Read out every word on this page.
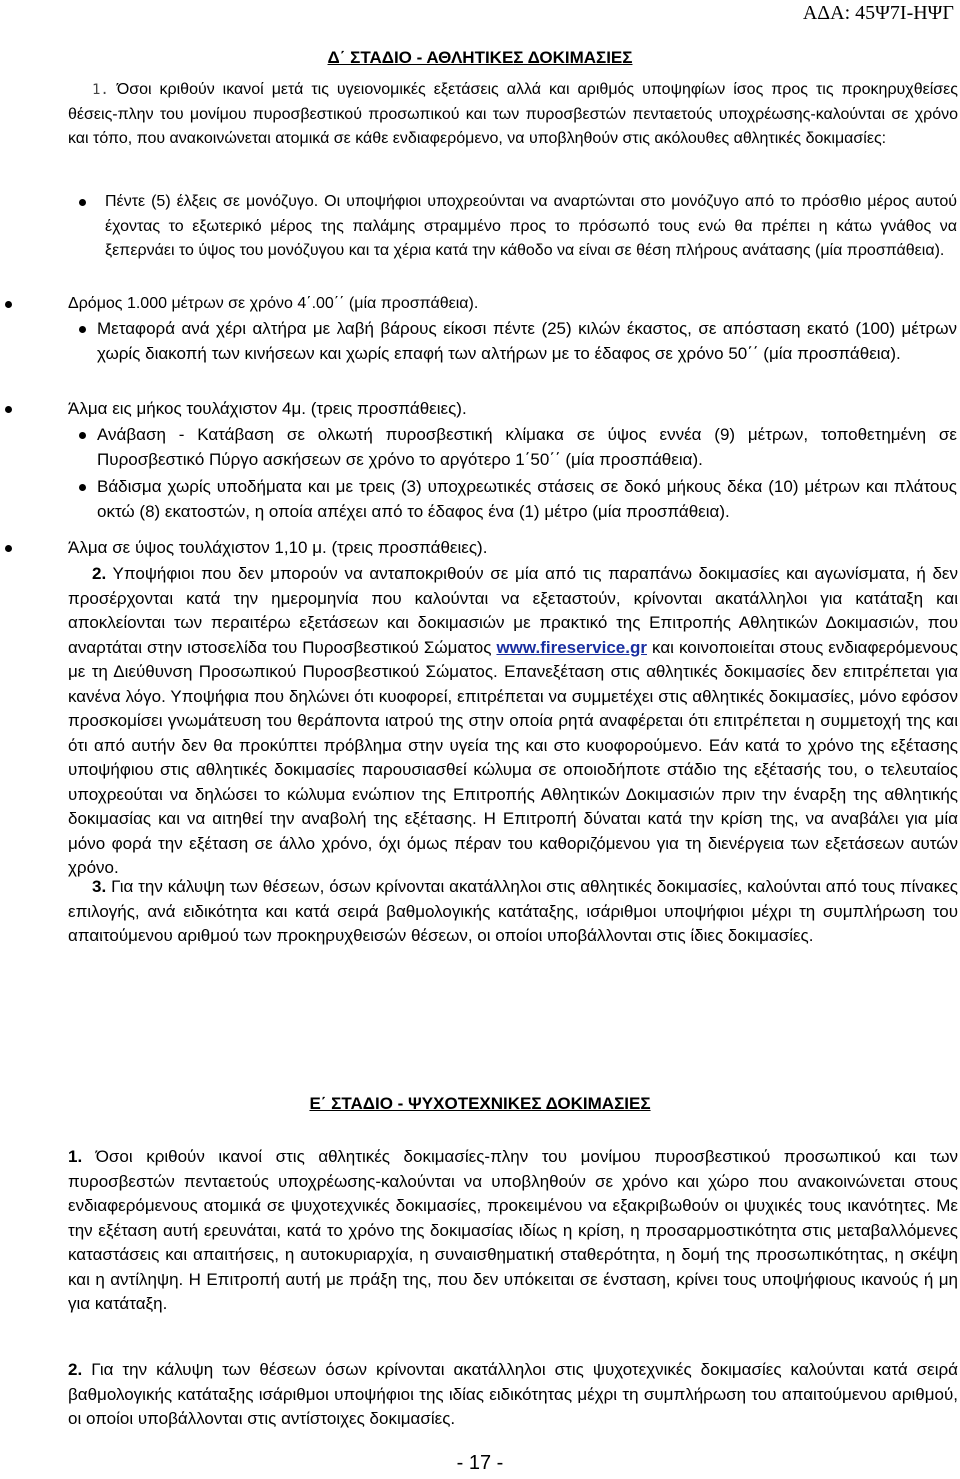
ΑΔΑ: 45Ψ7Ι-ΗΨΓ
Δ΄ ΣΤΑΔΙΟ - ΑΘΛΗΤΙΚΕΣ ΔΟΚΙΜΑΣΙΕΣ
1. Όσοι κριθούν ικανοί μετά τις υγειονομικές εξετάσεις αλλά και αριθμός υποψηφίων ίσος προς τις προκηρυχθείσες θέσεις-πλην του μονίμου πυροσβεστικού προσωπικού και των πυροσβεστών πενταετούς υποχρέωσης-καλούνται σε χρόνο και τόπο, που ανακοινώνεται ατομικά σε κάθε ενδιαφερόμενο, να υποβληθούν στις ακόλουθες αθλητικές δοκιμασίες:
Πέντε (5) έλξεις σε μονόζυγο. Οι υποψήφιοι υποχρεούνται να αναρτώνται στο μονόζυγο από το πρόσθιο μέρος αυτού έχοντας το εξωτερικό μέρος της παλάμης στραμμένο προς το πρόσωπό τους ενώ θα πρέπει η κάτω γνάθος να ξεπερνάει το ύψος του μονόζυγου και τα χέρια κατά την κάθοδο να είναι σε θέση πλήρους ανάτασης (μία προσπάθεια).
Δρόμος 1.000 μέτρων σε χρόνο 4΄.00΄΄ (μία προσπάθεια).
Μεταφορά ανά χέρι αλτήρα με λαβή βάρους είκοσι πέντε (25) κιλών έκαστος, σε απόσταση εκατό (100) μέτρων χωρίς διακοπή των κινήσεων και χωρίς επαφή των αλτήρων με το έδαφος σε χρόνο 50΄΄ (μία προσπάθεια).
Άλμα εις μήκος τουλάχιστον 4μ. (τρεις προσπάθειες).
Ανάβαση - Κατάβαση σε ολκωτή πυροσβεστική κλίμακα σε ύψος εννέα (9) μέτρων, τοποθετημένη σε Πυροσβεστικό Πύργο ασκήσεων σε χρόνο το αργότερο 1΄50΄΄ (μία προσπάθεια).
Βάδισμα χωρίς υποδήματα και με τρεις (3) υποχρεωτικές στάσεις σε δοκό μήκους δέκα (10) μέτρων και πλάτους οκτώ (8) εκατοστών, η οποία απέχει από το έδαφος ένα (1) μέτρο (μία προσπάθεια).
Άλμα σε ύψος τουλάχιστον 1,10 μ. (τρεις προσπάθειες).
2. Υποψήφιοι που δεν μπορούν να ανταποκριθούν σε μία από τις παραπάνω δοκιμασίες και αγωνίσματα, ή δεν προσέρχονται κατά την ημερομηνία που καλούνται να εξεταστούν, κρίνονται ακατάλληλοι για κατάταξη και αποκλείονται των περαιτέρω εξετάσεων και δοκιμασιών με πρακτικό της Επιτροπής Αθλητικών Δοκιμασιών, που αναρτάται στην ιστοσελίδα του Πυροσβεστικού Σώματος www.fireservice.gr και κοινοποιείται στους ενδιαφερόμενους με τη Διεύθυνση Προσωπικού Πυροσβεστικού Σώματος. Επανεξέταση στις αθλητικές δοκιμασίες δεν επιτρέπεται για κανένα λόγο. Υποψήφια που δηλώνει ότι κυοφορεί, επιτρέπεται να συμμετέχει στις αθλητικές δοκιμασίες, μόνο εφόσον προσκομίσει γνωμάτευση του θεράποντα ιατρού της στην οποία ρητά αναφέρεται ότι επιτρέπεται η συμμετοχή της και ότι από αυτήν δεν θα προκύπτει πρόβλημα στην υγεία της και στο κυοφορούμενο. Εάν κατά το χρόνο της εξέτασης υποψήφιου στις αθλητικές δοκιμασίες παρουσιασθεί κώλυμα σε οποιοδήποτε στάδιο της εξέτασής του, ο τελευταίος υποχρεούται να δηλώσει το κώλυμα ενώπιον της Επιτροπής Αθλητικών Δοκιμασιών πριν την έναρξη της αθλητικής δοκιμασίας και να αιτηθεί την αναβολή της εξέτασης. Η Επιτροπή δύναται κατά την κρίση της, να αναβάλει για μία μόνο φορά την εξέταση σε άλλο χρόνο, όχι όμως πέραν του καθοριζόμενου για τη διενέργεια των εξετάσεων αυτών χρόνο.
3. Για την κάλυψη των θέσεων, όσων κρίνονται ακατάλληλοι στις αθλητικές δοκιμασίες, καλούνται από τους πίνακες επιλογής, ανά ειδικότητα και κατά σειρά βαθμολογικής κατάταξης, ισάριθμοι υποψήφιοι μέχρι τη συμπλήρωση του απαιτούμενου αριθμού των προκηρυχθεισών θέσεων, οι οποίοι υποβάλλονται στις ίδιες δοκιμασίες.
Ε΄ ΣΤΑΔΙΟ - ΨΥΧΟΤΕΧΝΙΚΕΣ ΔΟΚΙΜΑΣΙΕΣ
1. Όσοι κριθούν ικανοί στις αθλητικές δοκιμασίες-πλην του μονίμου πυροσβεστικού προσωπικού και των πυροσβεστών πενταετούς υποχρέωσης-καλούνται να υποβληθούν σε χρόνο και χώρο που ανακοινώνεται στους ενδιαφερόμενους ατομικά σε ψυχοτεχνικές δοκιμασίες, προκειμένου να εξακριβωθούν οι ψυχικές τους ικανότητες. Με την εξέταση αυτή ερευνάται, κατά το χρόνο της δοκιμασίας ιδίως η κρίση, η προσαρμοστικότητα στις μεταβαλλόμενες καταστάσεις και απαιτήσεις, η αυτοκυριαρχία, η συναισθηματική σταθερότητα, η δομή της προσωπικότητας, η σκέψη και η αντίληψη. Η Επιτροπή αυτή με πράξη της, που δεν υπόκειται σε ένσταση, κρίνει τους υποψήφιους ικανούς ή μη για κατάταξη.
2. Για την κάλυψη των θέσεων όσων κρίνονται ακατάλληλοι στις ψυχοτεχνικές δοκιμασίες καλούνται κατά σειρά βαθμολογικής κατάταξης ισάριθμοι υποψήφιοι της ιδίας ειδικότητας μέχρι τη συμπλήρωση του απαιτούμενου αριθμού, οι οποίοι υποβάλλονται στις αντίστοιχες δοκιμασίες.
- 17 -
